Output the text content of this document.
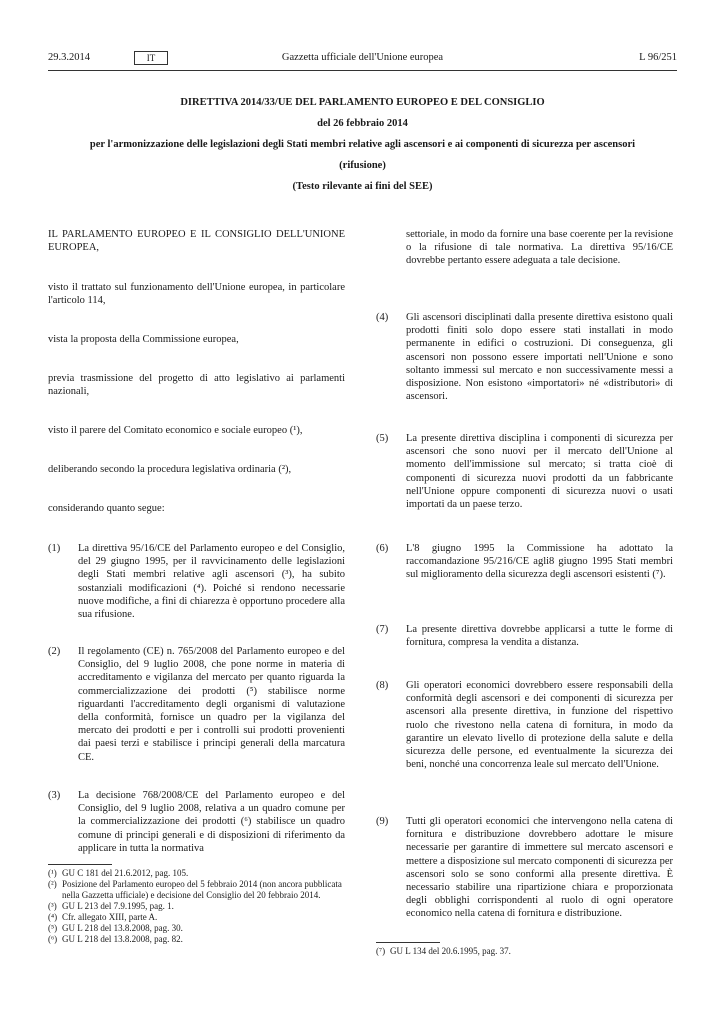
29.3.2014	IT	Gazzetta ufficiale dell'Unione europea	L 96/251

DIRETTIVA 2014/33/UE DEL PARLAMENTO EUROPEO E DEL CONSIGLIO

del 26 febbraio 2014

per l'armonizzazione delle legislazioni degli Stati membri relative agli ascensori e ai componenti di sicurezza per ascensori

(rifusione)

(Testo rilevante ai fini del SEE)

IL PARLAMENTO EUROPEO E IL CONSIGLIO DELL'UNIONE EUROPEA,

visto il trattato sul funzionamento dell'Unione europea, in particolare l'articolo 114,

vista la proposta della Commissione europea,

previa trasmissione del progetto di atto legislativo ai parlamenti nazionali,

visto il parere del Comitato economico e sociale europeo (¹),

deliberando secondo la procedura legislativa ordinaria (²),

considerando quanto segue:

(1)	La direttiva 95/16/CE del Parlamento europeo e del Consiglio, del 29 giugno 1995, per il ravvicinamento delle legislazioni degli Stati membri relative agli ascensori (³), ha subito sostanziali modificazioni (⁴). Poiché si rendono necessarie nuove modifiche, a fini di chiarezza è opportuno procedere alla sua rifusione.
(2)	Il regolamento (CE) n. 765/2008 del Parlamento europeo e del Consiglio, del 9 luglio 2008, che pone norme in materia di accreditamento e vigilanza del mercato per quanto riguarda la commercializzazione dei prodotti (⁵) stabilisce norme riguardanti l'accreditamento degli organismi di valutazione della conformità, fornisce un quadro per la vigilanza del mercato dei prodotti e per i controlli sui prodotti provenienti dai paesi terzi e stabilisce i principi generali della marcatura CE.
(3)	La decisione 768/2008/CE del Parlamento europeo e del Consiglio, del 9 luglio 2008, relativa a un quadro comune per la commercializzazione dei prodotti (⁶) stabilisce un quadro comune di principi generali e di disposizioni di riferimento da applicare in tutta la normativa
(¹) GU C 181 del 21.6.2012, pag. 105.
(²) Posizione del Parlamento europeo del 5 febbraio 2014 (non ancora pubblicata nella Gazzetta ufficiale) e decisione del Consiglio del 20 febbraio 2014.
(³) GU L 213 del 7.9.1995, pag. 1.
(⁴) Cfr. allegato XIII, parte A.
(⁵) GU L 218 del 13.8.2008, pag. 30.
(⁶) GU L 218 del 13.8.2008, pag. 82.
settoriale, in modo da fornire una base coerente per la revisione o la rifusione di tale normativa. La direttiva 95/16/CE dovrebbe pertanto essere adeguata a tale decisione.
(4)	Gli ascensori disciplinati dalla presente direttiva esistono quali prodotti finiti solo dopo essere stati installati in modo permanente in edifici o costruzioni. Di conseguenza, gli ascensori non possono essere importati nell'Unione e sono soltanto immessi sul mercato e non successivamente messi a disposizione. Non esistono «importatori» né «distributori» di ascensori.
(5)	La presente direttiva disciplina i componenti di sicurezza per ascensori che sono nuovi per il mercato dell'Unione al momento dell'immissione sul mercato; si tratta cioè di componenti di sicurezza nuovi prodotti da un fabbricante nell'Unione oppure componenti di sicurezza nuovi o usati importati da un paese terzo.
(6)	L'8 giugno 1995 la Commissione ha adottato la raccomandazione 95/216/CE agli8 giugno 1995 Stati membri sul miglioramento della sicurezza degli ascensori esistenti (⁷).
(7)	La presente direttiva dovrebbe applicarsi a tutte le forme di fornitura, compresa la vendita a distanza.
(8)	Gli operatori economici dovrebbero essere responsabili della conformità degli ascensori e dei componenti di sicurezza per ascensori alla presente direttiva, in funzione del rispettivo ruolo che rivestono nella catena di fornitura, in modo da garantire un elevato livello di protezione della salute e della sicurezza delle persone, ed eventualmente la sicurezza dei beni, nonché una concorrenza leale sul mercato dell'Unione.
(9)	Tutti gli operatori economici che intervengono nella catena di fornitura e distribuzione dovrebbero adottare le misure necessarie per garantire di immettere sul mercato ascensori e mettere a disposizione sul mercato componenti di sicurezza per ascensori solo se sono conformi alla presente direttiva. È necessario stabilire una ripartizione chiara e proporzionata degli obblighi corrispondenti al ruolo di ogni operatore economico nella catena di fornitura e distribuzione.
(⁷) GU L 134 del 20.6.1995, pag. 37.
